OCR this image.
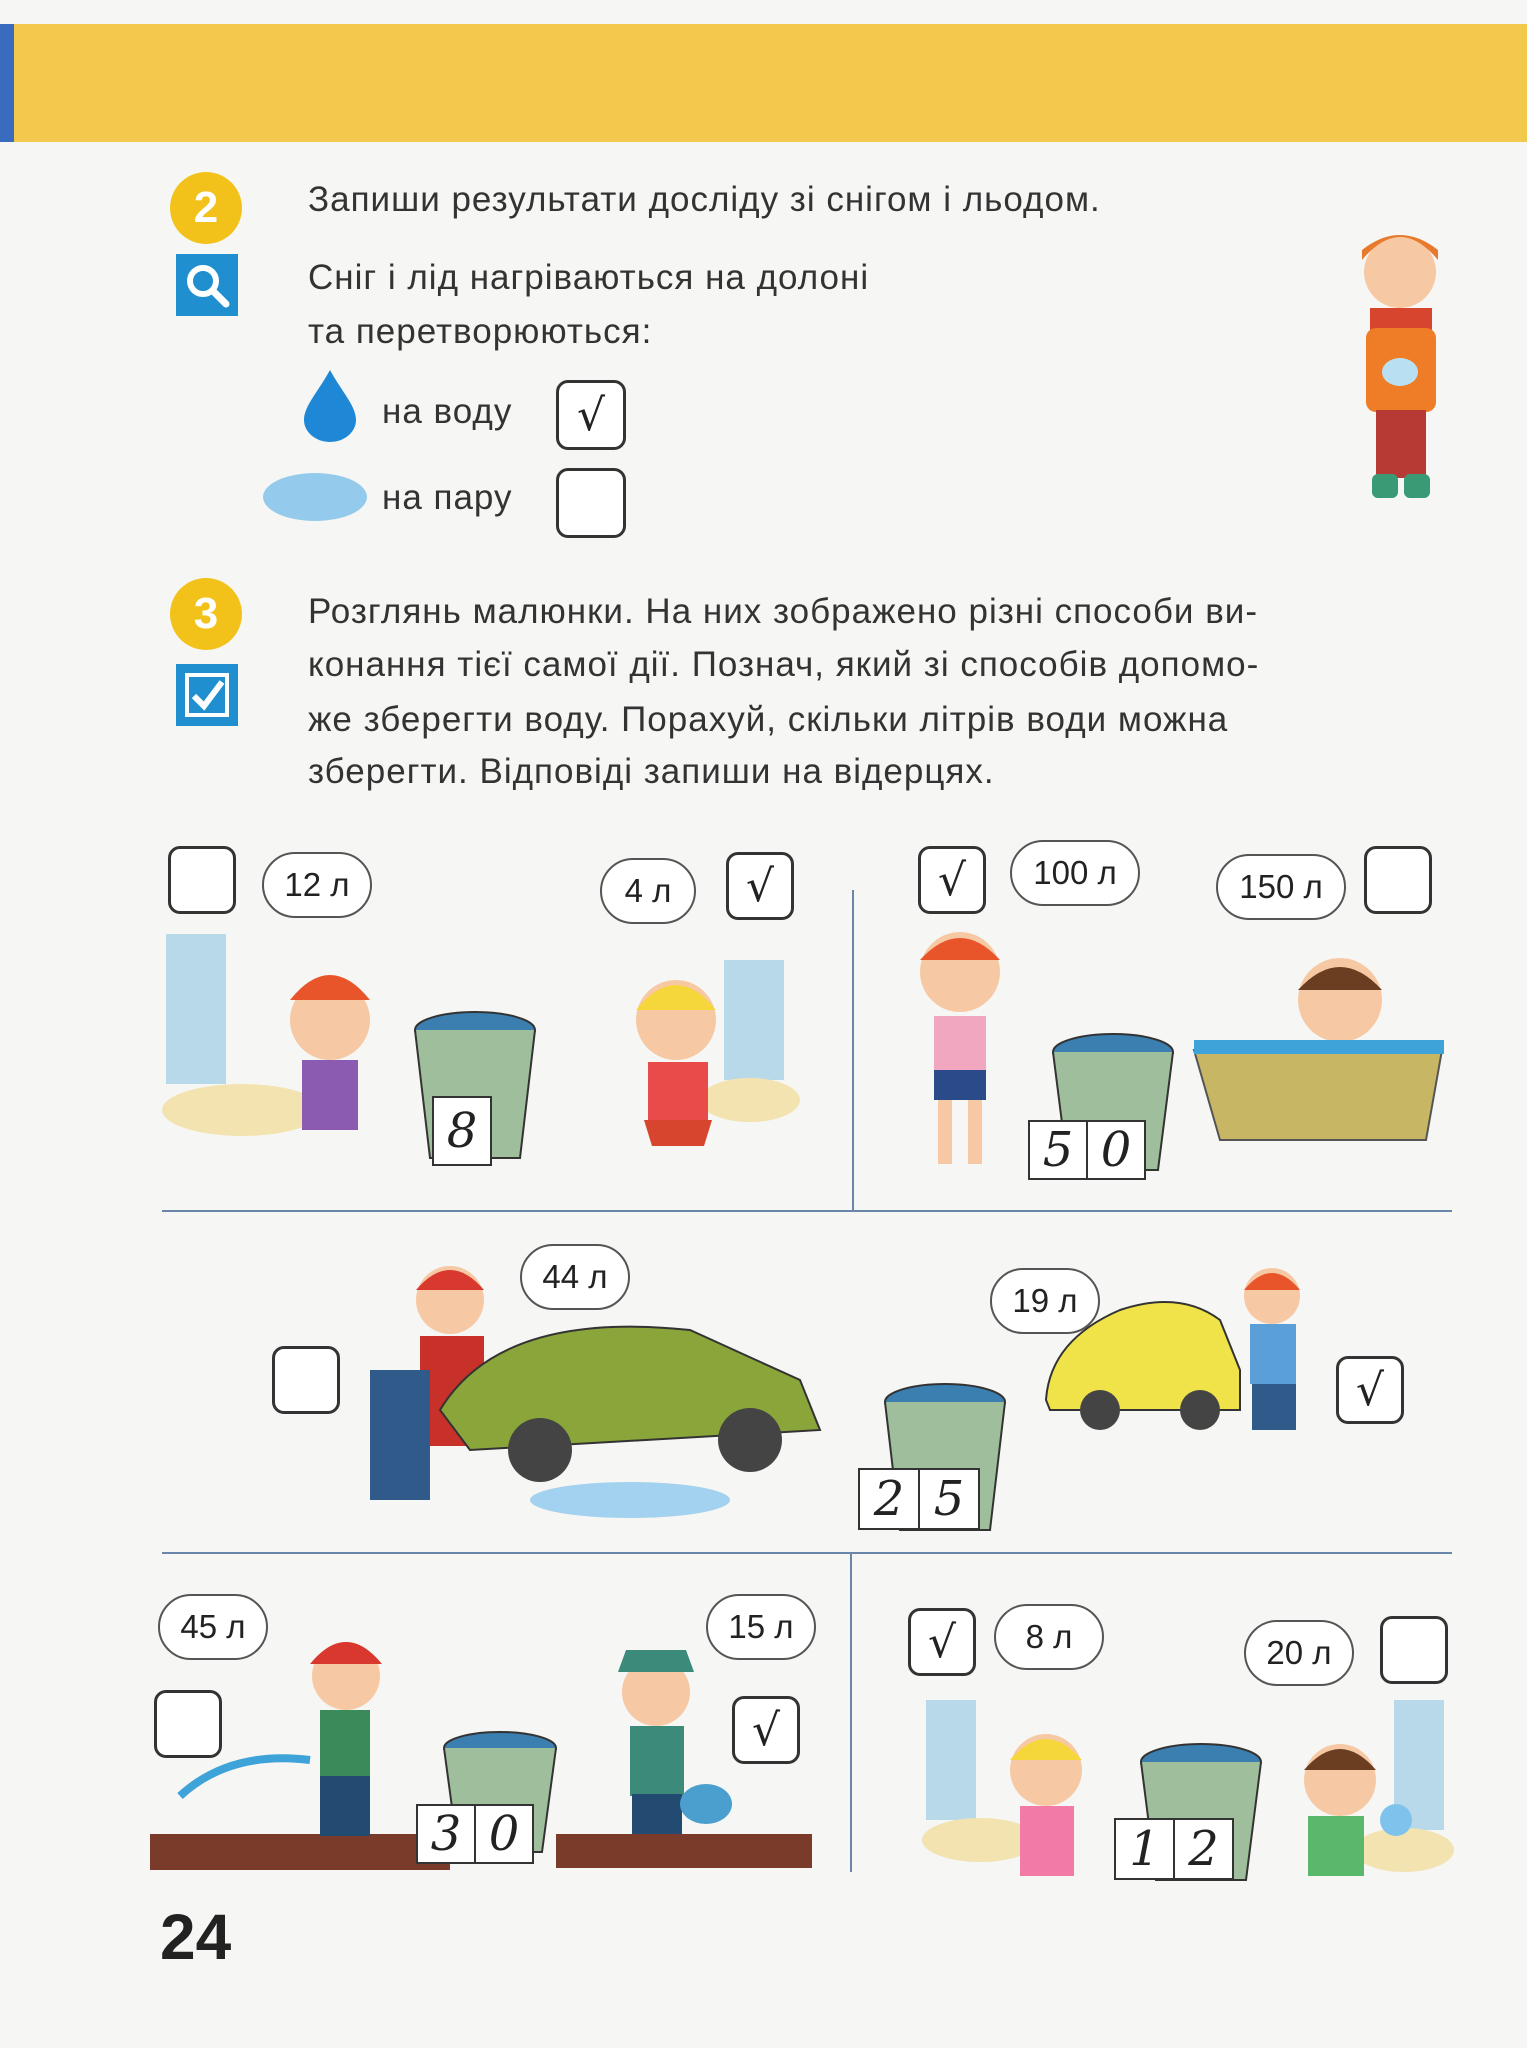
2	Запиши результати досліду зі снігом і льодом.
Сніг і лід нагріваються на долоні
та перетворюються:
на воду	√
на пару
3	Розглянь малюнки. На них зображено різні способи ви-
конання тієї самої дії. Познач, який зі способів допомо-
же зберегти воду. Порахуй, скільки літрів води можна
зберегти. Відповіді запиши на відерцях.
12 л	4 л	√
8
√	100 л	150 л
5 0
44 л
19 л
2 5
√
45 л
3 0
15 л
√
√	8 л	20 л
1 2
24
